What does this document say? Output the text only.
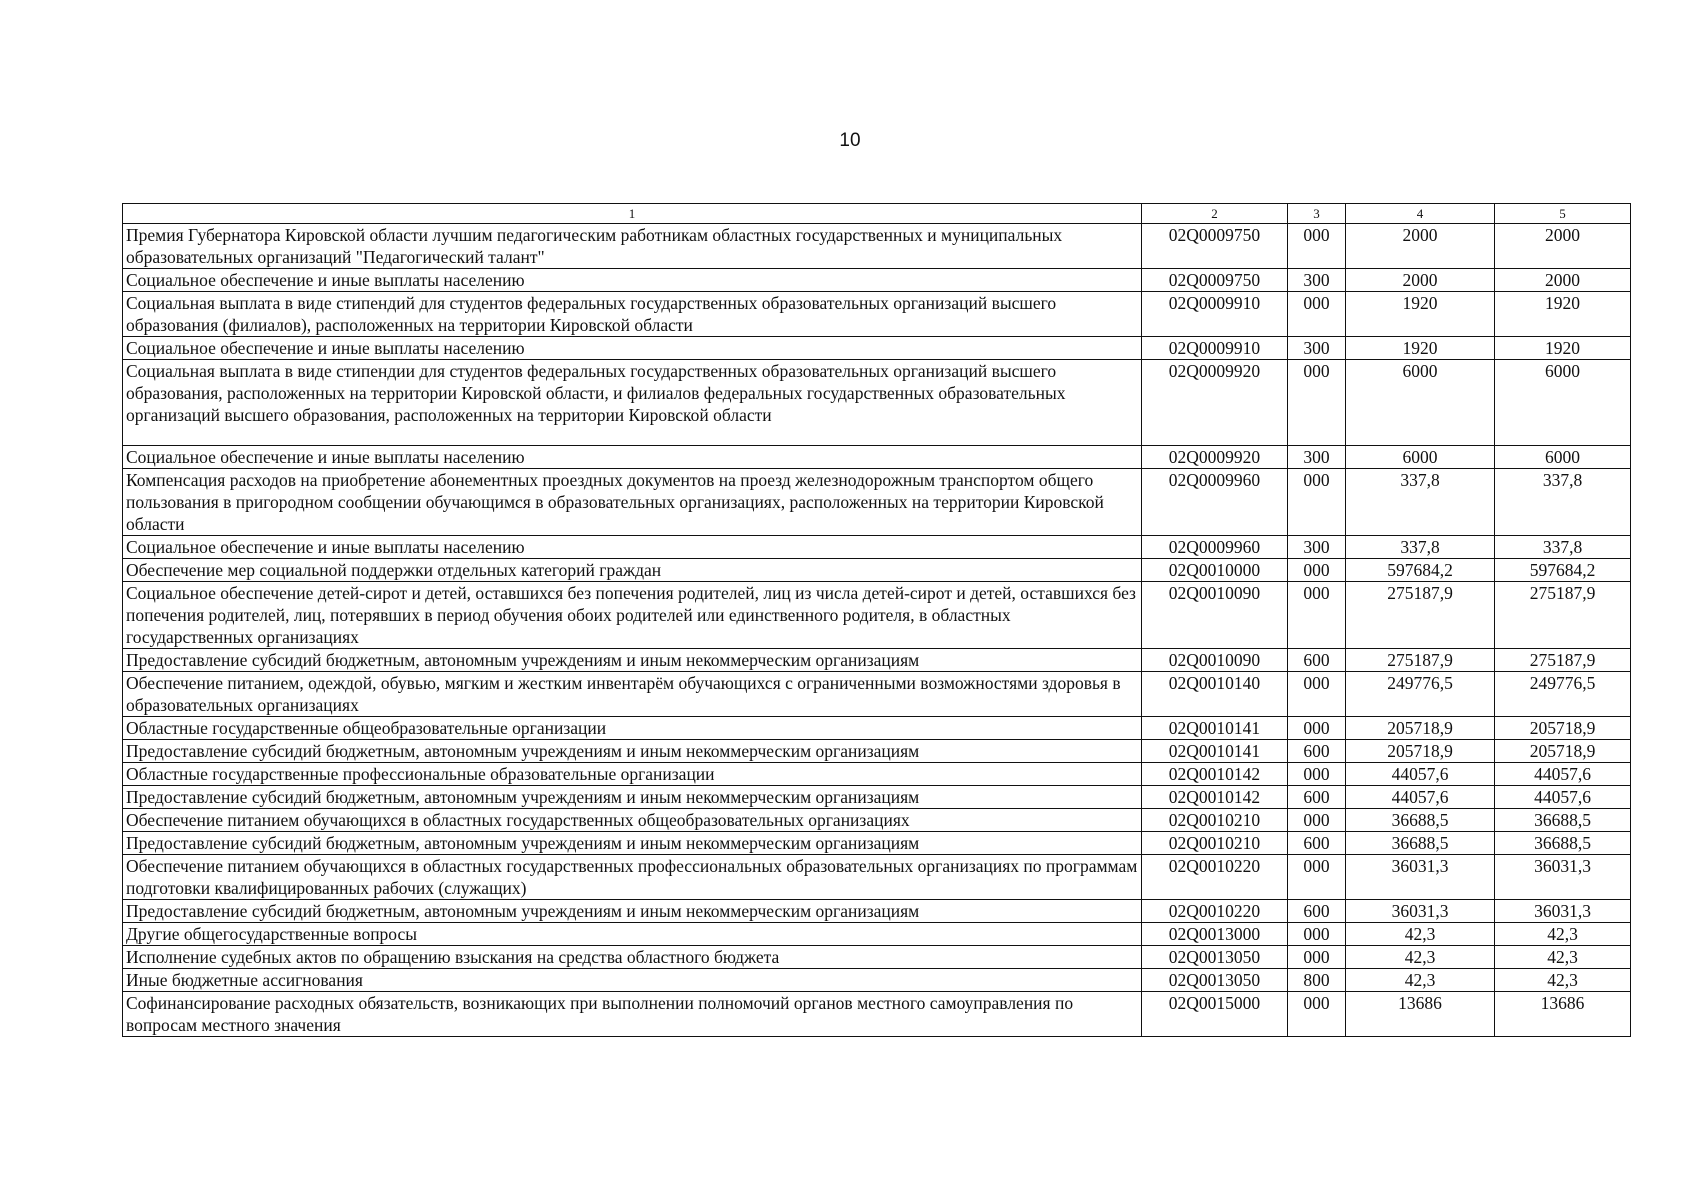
10
1	2	3	4	5
Премия Губернатора Кировской области лучшим педагогическим работникам областных государственных и муниципальных образовательных организаций "Педагогический талант"	02Q0009750	000	2000	2000
Социальное обеспечение и иные выплаты населению	02Q0009750	300	2000	2000
Социальная выплата в виде стипендий для студентов федеральных государственных образовательных организаций высшего образования (филиалов), расположенных на территории Кировской области	02Q0009910	000	1920	1920
Социальное обеспечение и иные выплаты населению	02Q0009910	300	1920	1920
Социальная выплата в виде стипендии для студентов федеральных государственных образовательных организаций высшего образования, расположенных на территории Кировской области, и филиалов федеральных государственных образовательных организаций высшего образования, расположенных на территории Кировской области	02Q0009920	000	6000	6000
Социальное обеспечение и иные выплаты населению	02Q0009920	300	6000	6000
Компенсация расходов на приобретение абонементных проездных документов на проезд железнодорожным транспортом общего пользования в пригородном сообщении обучающимся в образовательных организациях, расположенных на территории Кировской области	02Q0009960	000	337,8	337,8
Социальное обеспечение и иные выплаты населению	02Q0009960	300	337,8	337,8
Обеспечение мер социальной поддержки отдельных категорий граждан	02Q0010000	000	597684,2	597684,2
Социальное обеспечение детей-сирот и детей, оставшихся без попечения родителей, лиц из числа детей-сирот и детей, оставшихся без попечения родителей, лиц, потерявших в период обучения обоих родителей или единственного родителя, в областных государственных организациях	02Q0010090	000	275187,9	275187,9
Предоставление субсидий бюджетным, автономным учреждениям и иным некоммерческим организациям	02Q0010090	600	275187,9	275187,9
Обеспечение питанием, одеждой, обувью, мягким и жестким инвентарём обучающихся с ограниченными возможностями здоровья в образовательных организациях	02Q0010140	000	249776,5	249776,5
Областные государственные общеобразовательные организации	02Q0010141	000	205718,9	205718,9
Предоставление субсидий бюджетным, автономным учреждениям и иным некоммерческим организациям	02Q0010141	600	205718,9	205718,9
Областные государственные профессиональные образовательные организации	02Q0010142	000	44057,6	44057,6
Предоставление субсидий бюджетным, автономным учреждениям и иным некоммерческим организациям	02Q0010142	600	44057,6	44057,6
Обеспечение питанием обучающихся в областных государственных общеобразовательных организациях	02Q0010210	000	36688,5	36688,5
Предоставление субсидий бюджетным, автономным учреждениям и иным некоммерческим организациям	02Q0010210	600	36688,5	36688,5
Обеспечение питанием обучающихся в областных государственных профессиональных образовательных организациях по программам подготовки квалифицированных рабочих (служащих)	02Q0010220	000	36031,3	36031,3
Предоставление субсидий бюджетным, автономным учреждениям и иным некоммерческим организациям	02Q0010220	600	36031,3	36031,3
Другие общегосударственные вопросы	02Q0013000	000	42,3	42,3
Исполнение судебных актов по обращению взыскания на средства областного бюджета	02Q0013050	000	42,3	42,3
Иные бюджетные ассигнования	02Q0013050	800	42,3	42,3
Софинансирование расходных обязательств, возникающих при выполнении полномочий органов местного самоуправления по вопросам местного значения	02Q0015000	000	13686	13686
